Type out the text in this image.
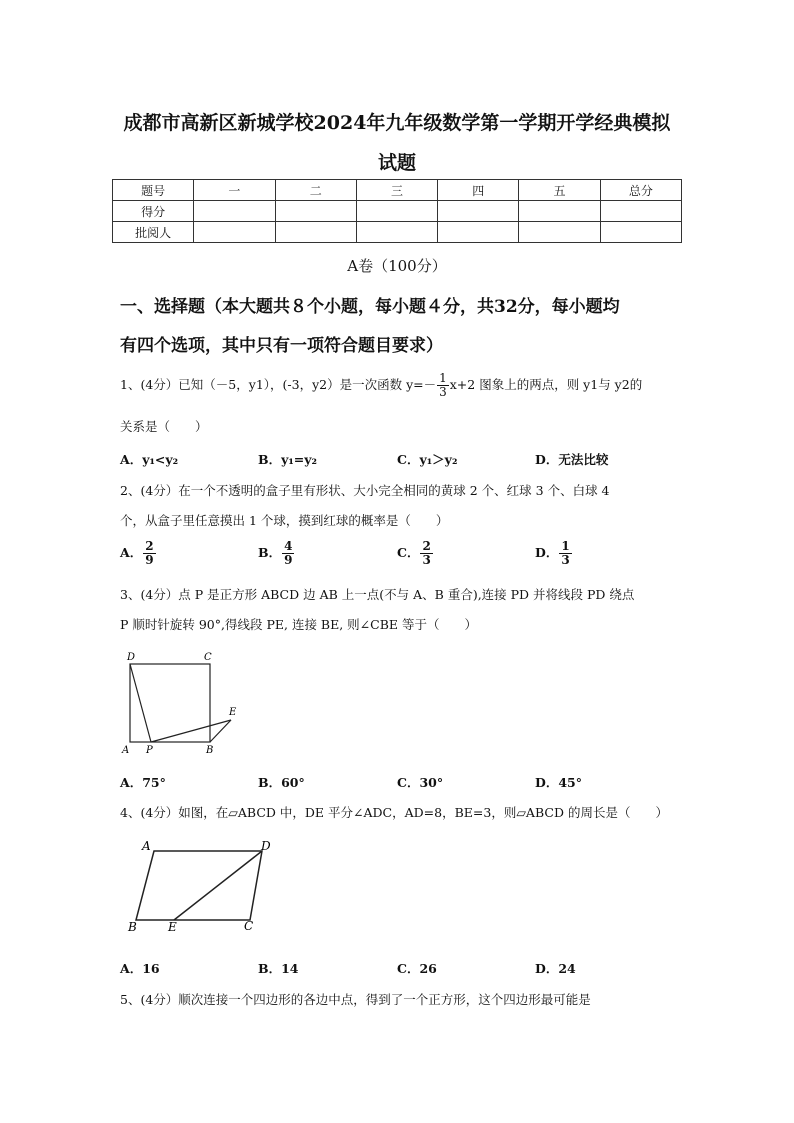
成都市高新区新城学校2024年九年级数学第一学期开学经典模拟
试题
题号	一	二	三	四	五	总分
得分						
批阅人						
A卷（100分）
一、选择题（本大题共８个小题，每小题４分，共32分，每小题均
有四个选项，其中只有一项符合题目要求）
1、(4分）已知（－5，y1），(-3，y2）是一次函数 $y=- \frac{1}{3} x+2$ 图象上的两点，则 y1与 y2的
关系是（　　）
A．y₁<y₂	B．y₁=y₂	C．y₁＞y₂	D．无法比较
2、(4分）在一个不透明的盒子里有形状、大小完全相同的黄球 2 个、红球 3 个、白球 4
个，从盒子里任意摸出 1 个球，摸到红球的概率是（　　）
A． $\frac{2}{9}$	B． $\frac{4}{9}$	C． $\frac{2}{3}$	D． $\frac{1}{3}$
3、(4分）点 P 是正方形 ABCD 边 AB 上一点(不与 A、B 重合),连接 PD 并将线段 PD 绕点
P 顺时针旋转 90°,得线段 PE, 连接 BE, 则∠CBE 等于（　　）
D	C
E
A P	B
A．75°	B．60°	C．30°	D．45°
4、(4分）如图，在▱ABCD 中，DE 平分∠ADC，AD=8，BE=3，则▱ABCD 的周长是（　　）
A	D
B	E	C
A．16	B．14	C．26	D．24
5、(4分）顺次连接一个四边形的各边中点，得到了一个正方形，这个四边形最可能是
